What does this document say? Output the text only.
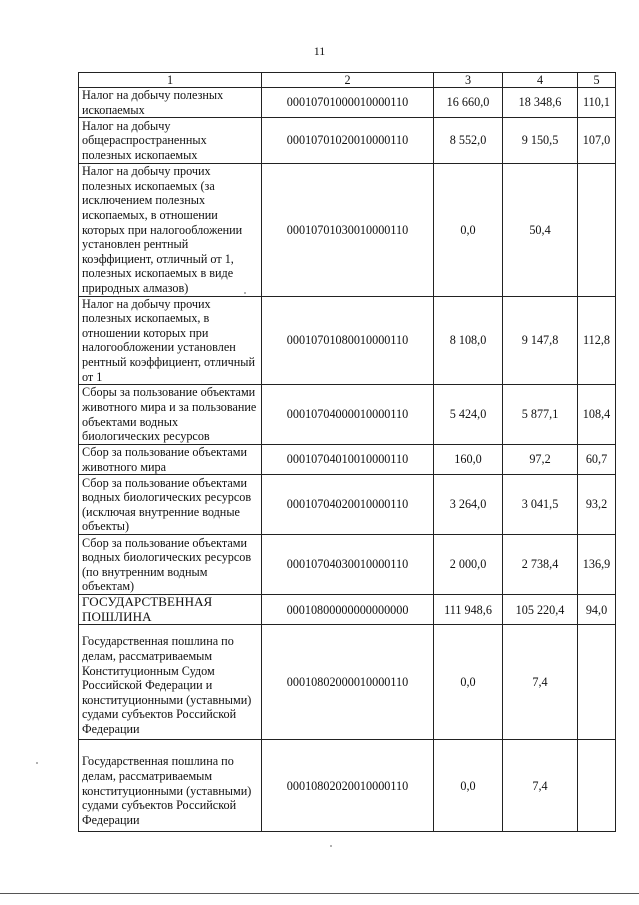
11
1	2	3	4	5
Налог на добычу полезных ископаемых	00010701000010000110	16 660,0	18 348,6	110,1
Налог на добычу общераспространенных полезных ископаемых	00010701020010000110	8 552,0	9 150,5	107,0
Налог на добычу прочих полезных ископаемых (за исключением полезных ископаемых, в отношении которых при налогообложении установлен рентный коэффициент, отличный от 1, полезных ископаемых в виде природных алмазов)	00010701030010000110	0,0	50,4	
Налог на добычу прочих полезных ископаемых, в отношении которых при налогообложении установлен рентный коэффициент, отличный от 1	00010701080010000110	8 108,0	9 147,8	112,8
Сборы за пользование объектами животного мира и за пользование объектами водных биологических ресурсов	00010704000010000110	5 424,0	5 877,1	108,4
Сбор за пользование объектами животного мира	00010704010010000110	160,0	97,2	60,7
Сбор за пользование объектами водных биологических ресурсов (исключая внутренние водные объекты)	00010704020010000110	3 264,0	3 041,5	93,2
Сбор за пользование объектами водных биологических ресурсов (по внутренним водным объектам)	00010704030010000110	2 000,0	2 738,4	136,9
ГОСУДАРСТВЕННАЯ ПОШЛИНА	00010800000000000000	111 948,6	105 220,4	94,0
Государственная пошлина по делам, рассматриваемым Конституционным Судом Российской Федерации и конституционными (уставными) судами субъектов Российской Федерации	00010802000010000110	0,0	7,4	
Государственная пошлина по делам, рассматриваемым конституционными (уставными) судами субъектов Российской Федерации	00010802020010000110	0,0	7,4	
